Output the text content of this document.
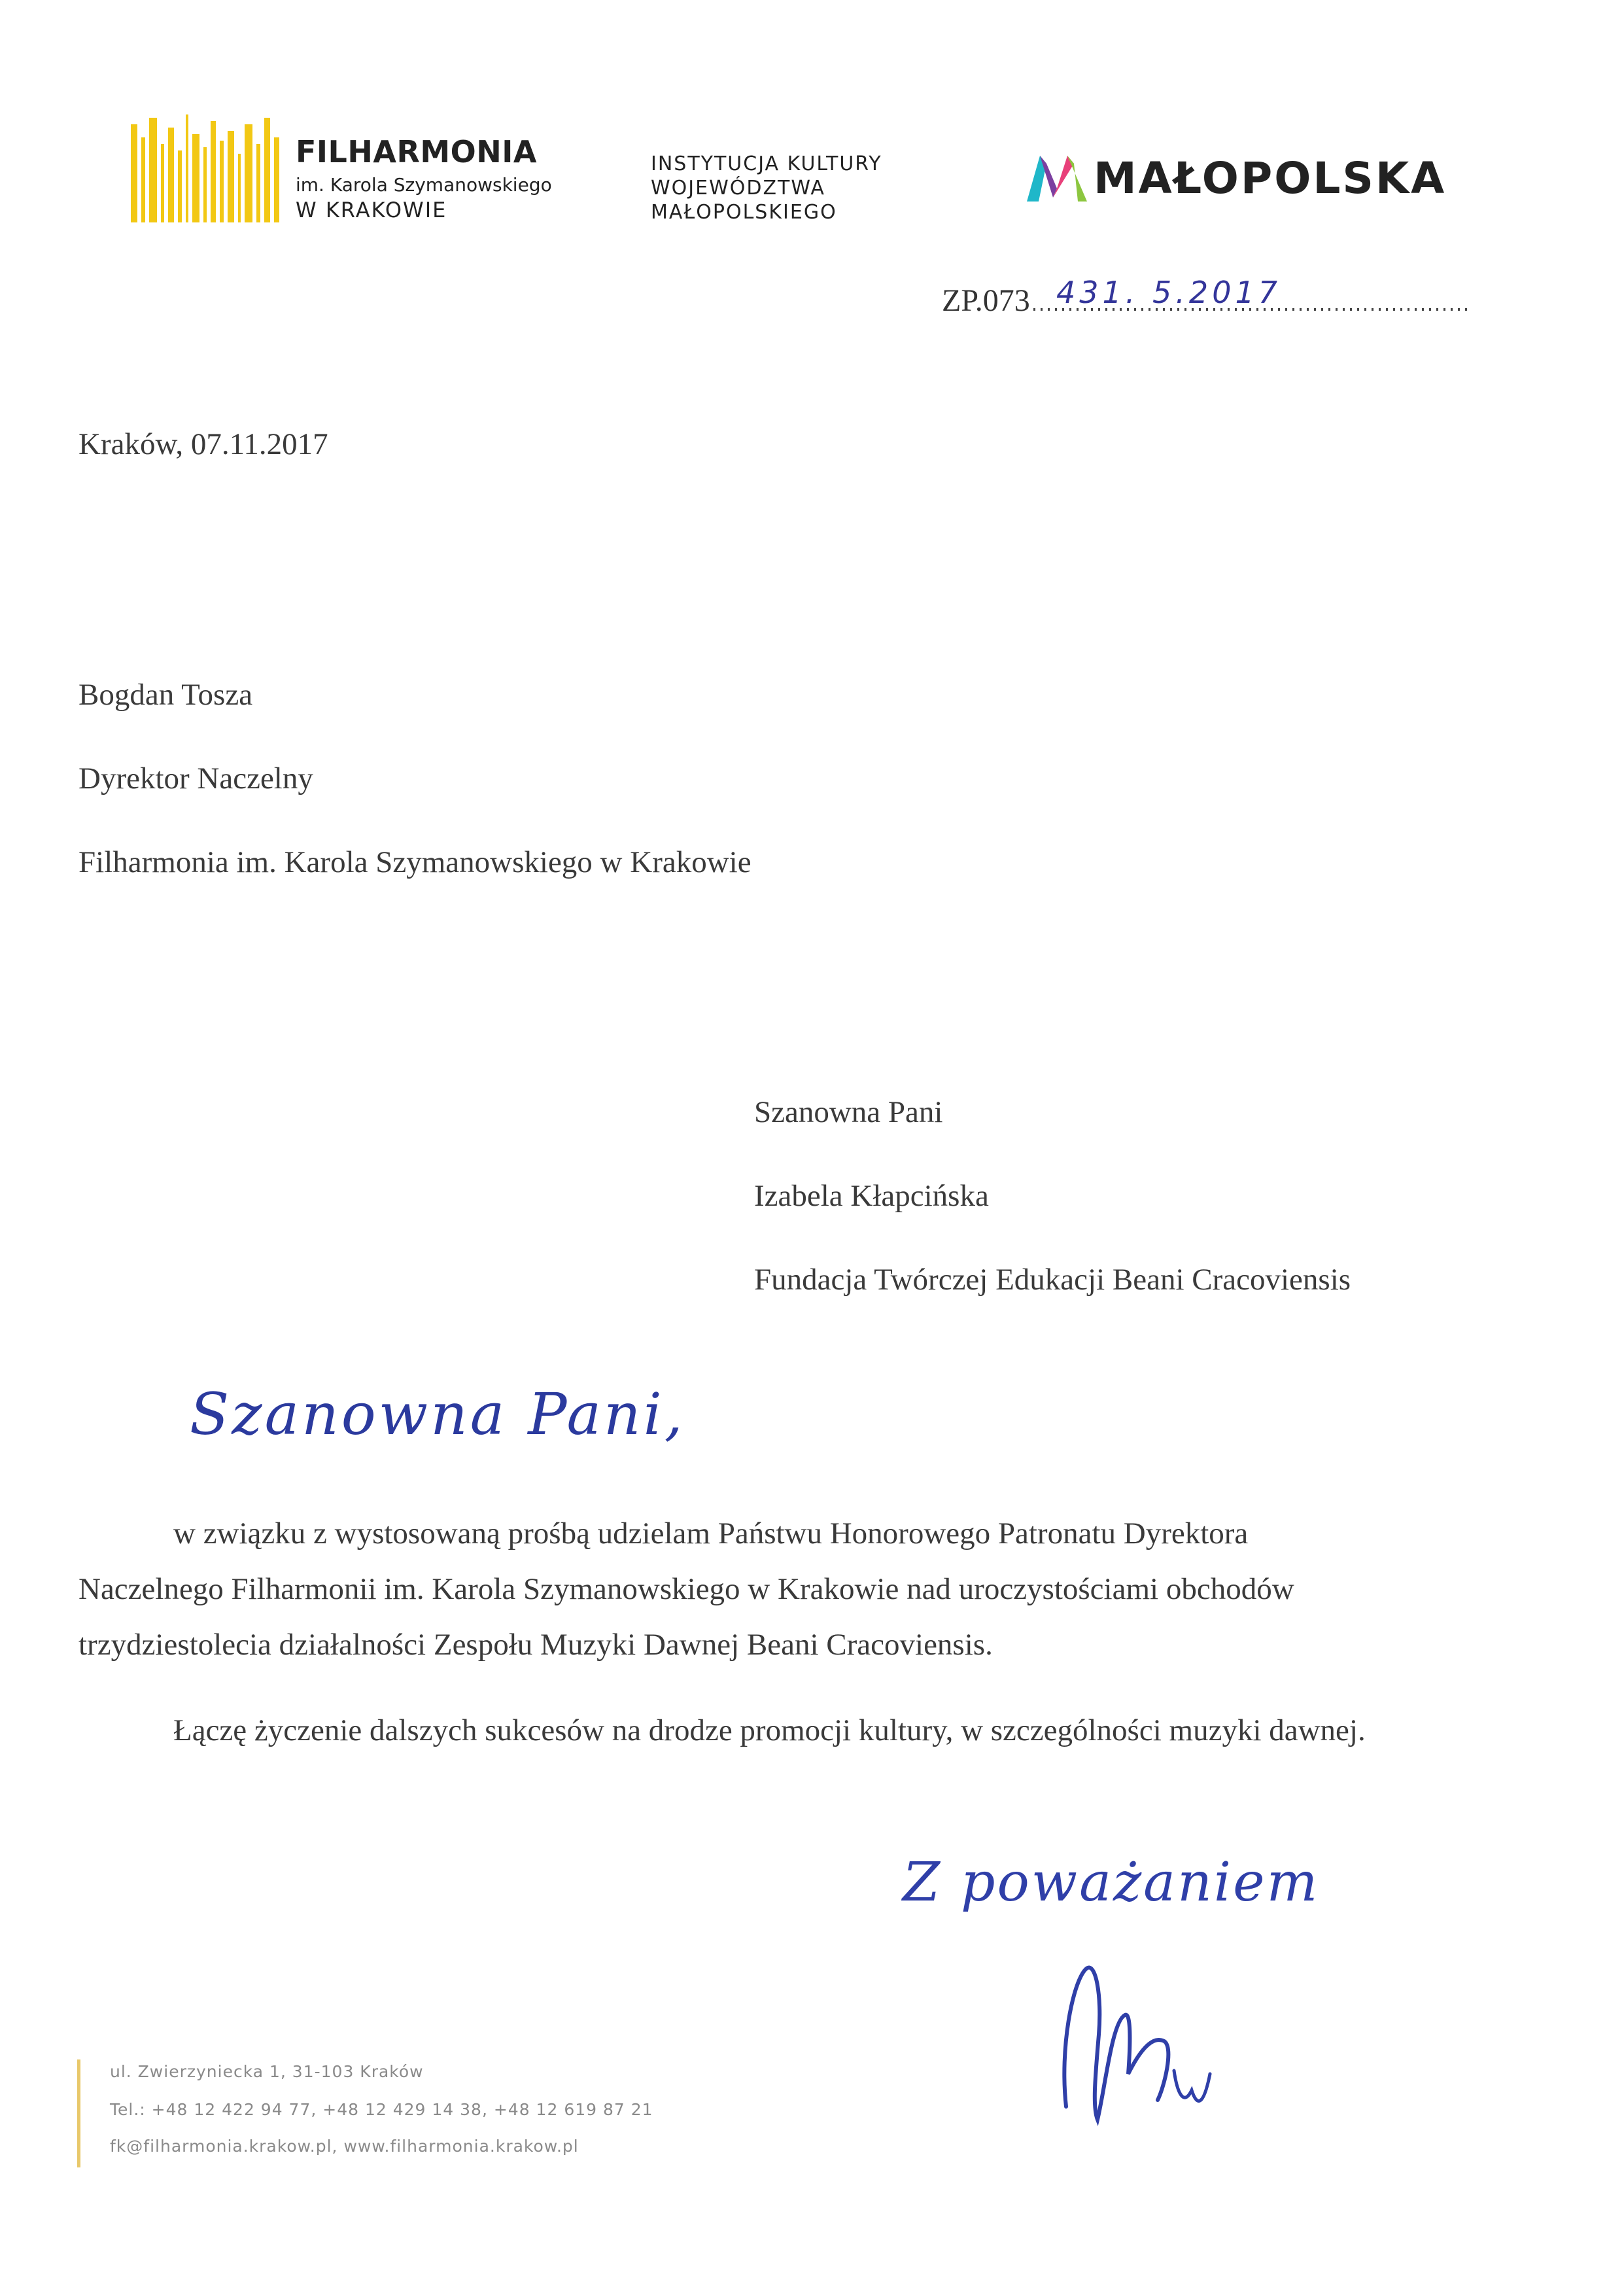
FILHARMONIA
im. Karola Szymanowskiego
W KRAKOWIE
INSTYTUCJA KULTURY
WOJEWÓDZTWA
MAŁOPOLSKIEGO
MAŁOPOLSKA
ZP.073 431. 5.2017
Kraków, 07.11.2017
Bogdan Tosza
Dyrektor Naczelny
Filharmonia im. Karola Szymanowskiego w Krakowie
Szanowna Pani
Izabela Kłapcińska
Fundacja Twórczej Edukacji Beani Cracoviensis
Szanowna Pani,
w związku z wystosowaną prośbą udzielam Państwu Honorowego Patronatu Dyrektora
Naczelnego Filharmonii im. Karola Szymanowskiego w Krakowie nad uroczystościami obchodów
trzydziestolecia działalności Zespołu Muzyki Dawnej Beani Cracoviensis.
Łączę życzenie dalszych sukcesów na drodze promocji kultury, w szczególności muzyki dawnej.
Z poważaniem
ul. Zwierzyniecka 1, 31-103 Kraków
Tel.: +48 12 422 94 77, +48 12 429 14 38, +48 12 619 87 21
fk@filharmonia.krakow.pl, www.filharmonia.krakow.pl
